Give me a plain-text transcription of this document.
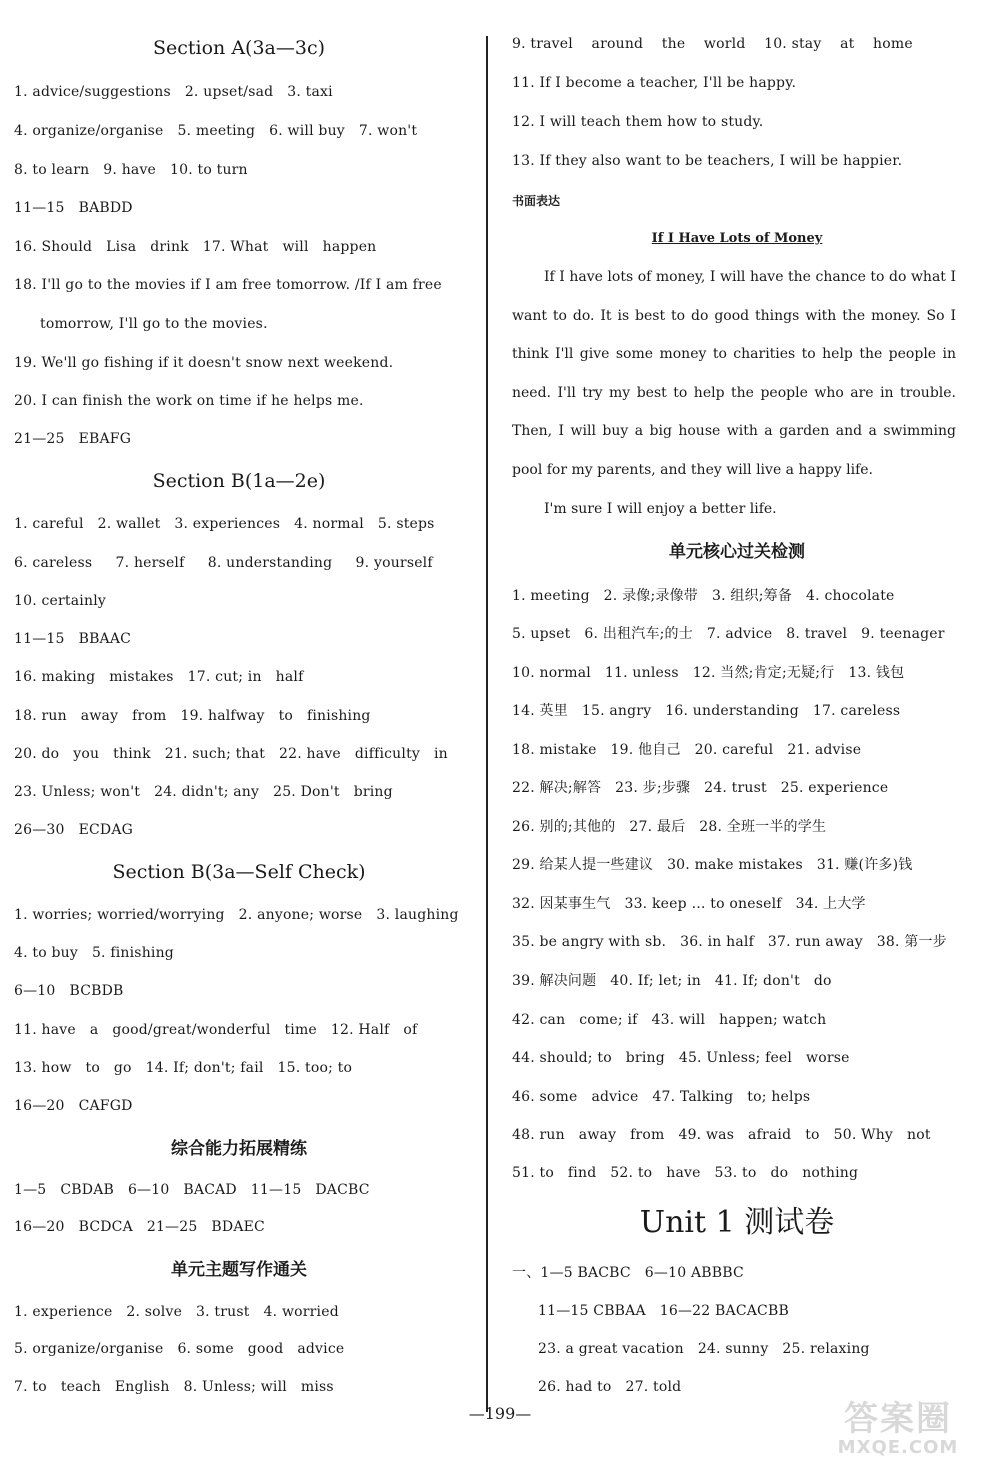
Section A(3a—3c)
1. advice/suggestions   2. upset/sad   3. taxi
4. organize/organise   5. meeting   6. will buy   7. won't
8. to learn   9. have   10. to turn
11—15   BABDD
16. Should   Lisa   drink   17. What   will   happen
18. I'll go to the movies if I am free tomorrow. /If I am free
tomorrow, I'll go to the movies.
19. We'll go fishing if it doesn't snow next weekend.
20. I can finish the work on time if he helps me.
21—25   EBAFG
Section B(1a—2e)
1. careful   2. wallet   3. experiences   4. normal   5. steps
6. careless     7. herself     8. understanding     9. yourself
10. certainly
11—15   BBAAC
16. making   mistakes   17. cut; in   half
18. run   away   from   19. halfway   to   finishing
20. do   you   think   21. such; that   22. have   difficulty   in
23. Unless; won't   24. didn't; any   25. Don't   bring
26—30   ECDAG
Section B(3a—Self Check)
1. worries; worried/worrying   2. anyone; worse   3. laughing
4. to buy   5. finishing
6—10   BCBDB
11. have   a   good/great/wonderful   time   12. Half   of
13. how   to   go   14. If; don't; fail   15. too; to
16—20   CAFGD
综合能力拓展精练
1—5   CBDAB   6—10   BACAD   11—15   DACBC
16—20   BCDCA   21—25   BDAEC
单元主题写作通关
1. experience   2. solve   3. trust   4. worried
5. organize/organise   6. some   good   advice
7. to   teach   English   8. Unless; will   miss
9. travel    around    the    world    10. stay    at    home
11. If I become a teacher, I'll be happy.
12. I will teach them how to study.
13. If they also want to be teachers, I will be happier.
书面表达
If I Have Lots of Money

If I have lots of money, I will have the chance to do what I want to do. It is best to do good things with the money. So I think I'll give some money to charities to help the people in need. I'll try my best to help the people who are in trouble. Then, I will buy a big house with a garden and a swimming pool for my parents, and they will live a happy life.

I'm sure I will enjoy a better life.

单元核心过关检测
1. meeting   2. 录像;录像带   3. 组织;筹备   4. chocolate
5. upset   6. 出租汽车;的士   7. advice   8. travel   9. teenager
10. normal   11. unless   12. 当然;肯定;无疑;行   13. 钱包
14. 英里   15. angry   16. understanding   17. careless
18. mistake   19. 他自己   20. careful   21. advise
22. 解决;解答   23. 步;步骤   24. trust   25. experience
26. 别的;其他的   27. 最后   28. 全班一半的学生
29. 给某人提一些建议   30. make mistakes   31. 赚(许多)钱
32. 因某事生气   33. keep … to oneself   34. 上大学
35. be angry with sb.   36. in half   37. run away   38. 第一步
39. 解决问题   40. If; let; in   41. If; don't   do
42. can   come; if   43. will   happen; watch
44. should; to   bring   45. Unless; feel   worse
46. some   advice   47. Talking   to; helps
48. run   away   from   49. was   afraid   to   50. Why   not
51. to   find   52. to   have   53. to   do   nothing
Unit 1 测试卷
一、1—5 BACBC   6—10 ABBBC
11—15 CBBAA   16—22 BACACBB
23. a great vacation   24. sunny   25. relaxing
26. had to   27. told
—199—	答案圈
MXQE.COM
